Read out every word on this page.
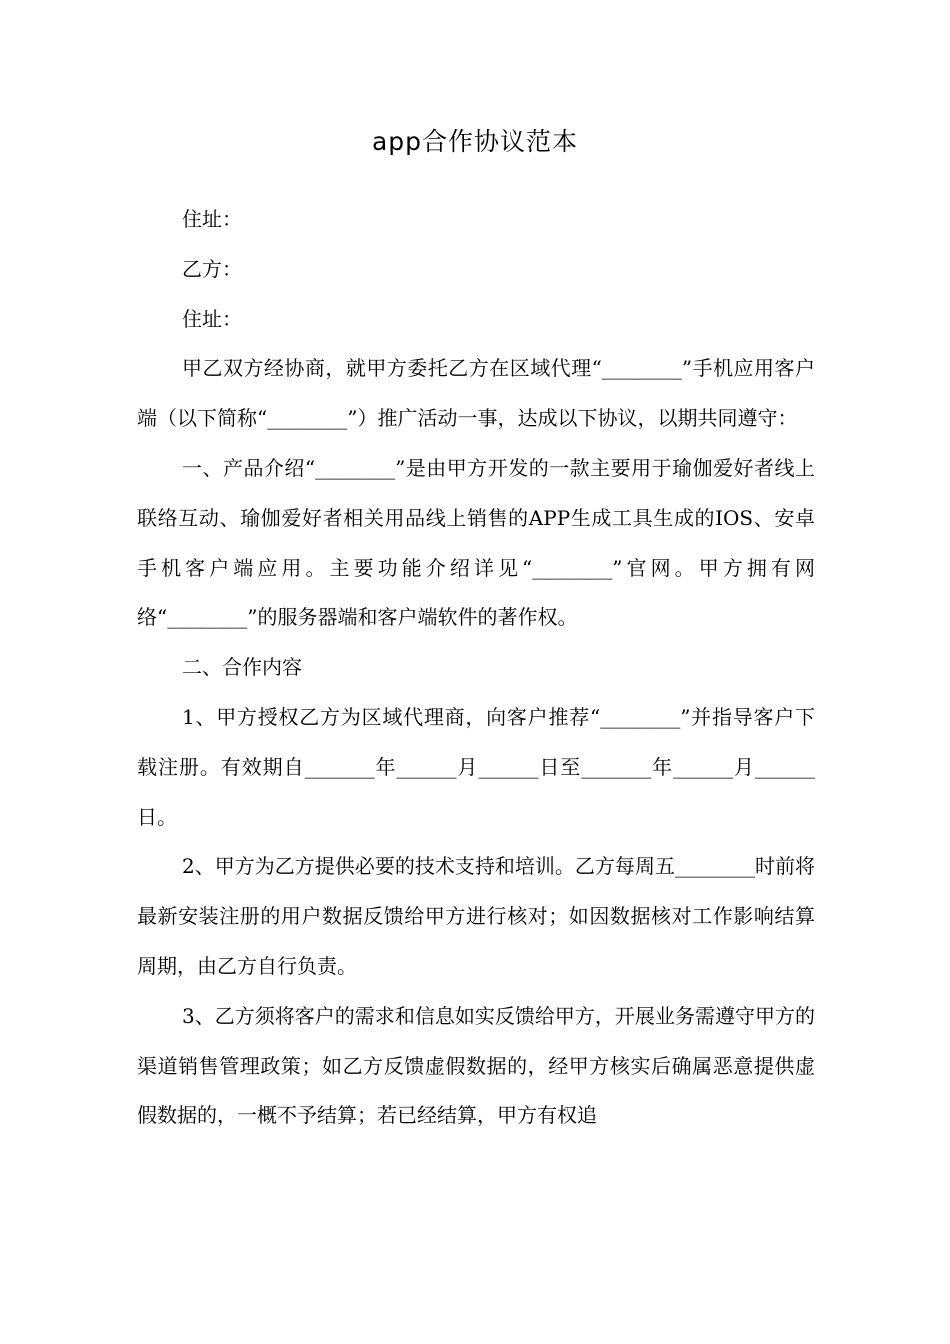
app合作协议范本

住址：

乙方：

住址：

甲乙双方经协商，就甲方委托乙方在区域代理“________”手机应用客户端（以下简称“________”）推广活动一事，达成以下协议，以期共同遵守：

一、产品介绍“________”是由甲方开发的一款主要用于瑜伽爱好者线上联络互动、瑜伽爱好者相关用品线上销售的APP生成工具生成的IOS、安卓手机客户端应用。主要功能介绍详见“________”官网。甲方拥有网络“________”的服务器端和客户端软件的著作权。

二、合作内容

1、甲方授权乙方为区域代理商，向客户推荐“________”并指导客户下载注册。有效期自_______年______月______日至_______年______月______日。

2、甲方为乙方提供必要的技术支持和培训。乙方每周五________时前将最新安装注册的用户数据反馈给甲方进行核对；如因数据核对工作影响结算周期，由乙方自行负责。

3、乙方须将客户的需求和信息如实反馈给甲方，开展业务需遵守甲方的渠道销售管理政策；如乙方反馈虚假数据的，经甲方核实后确属恶意提供虚假数据的，一概不予结算；若已经结算，甲方有权追
